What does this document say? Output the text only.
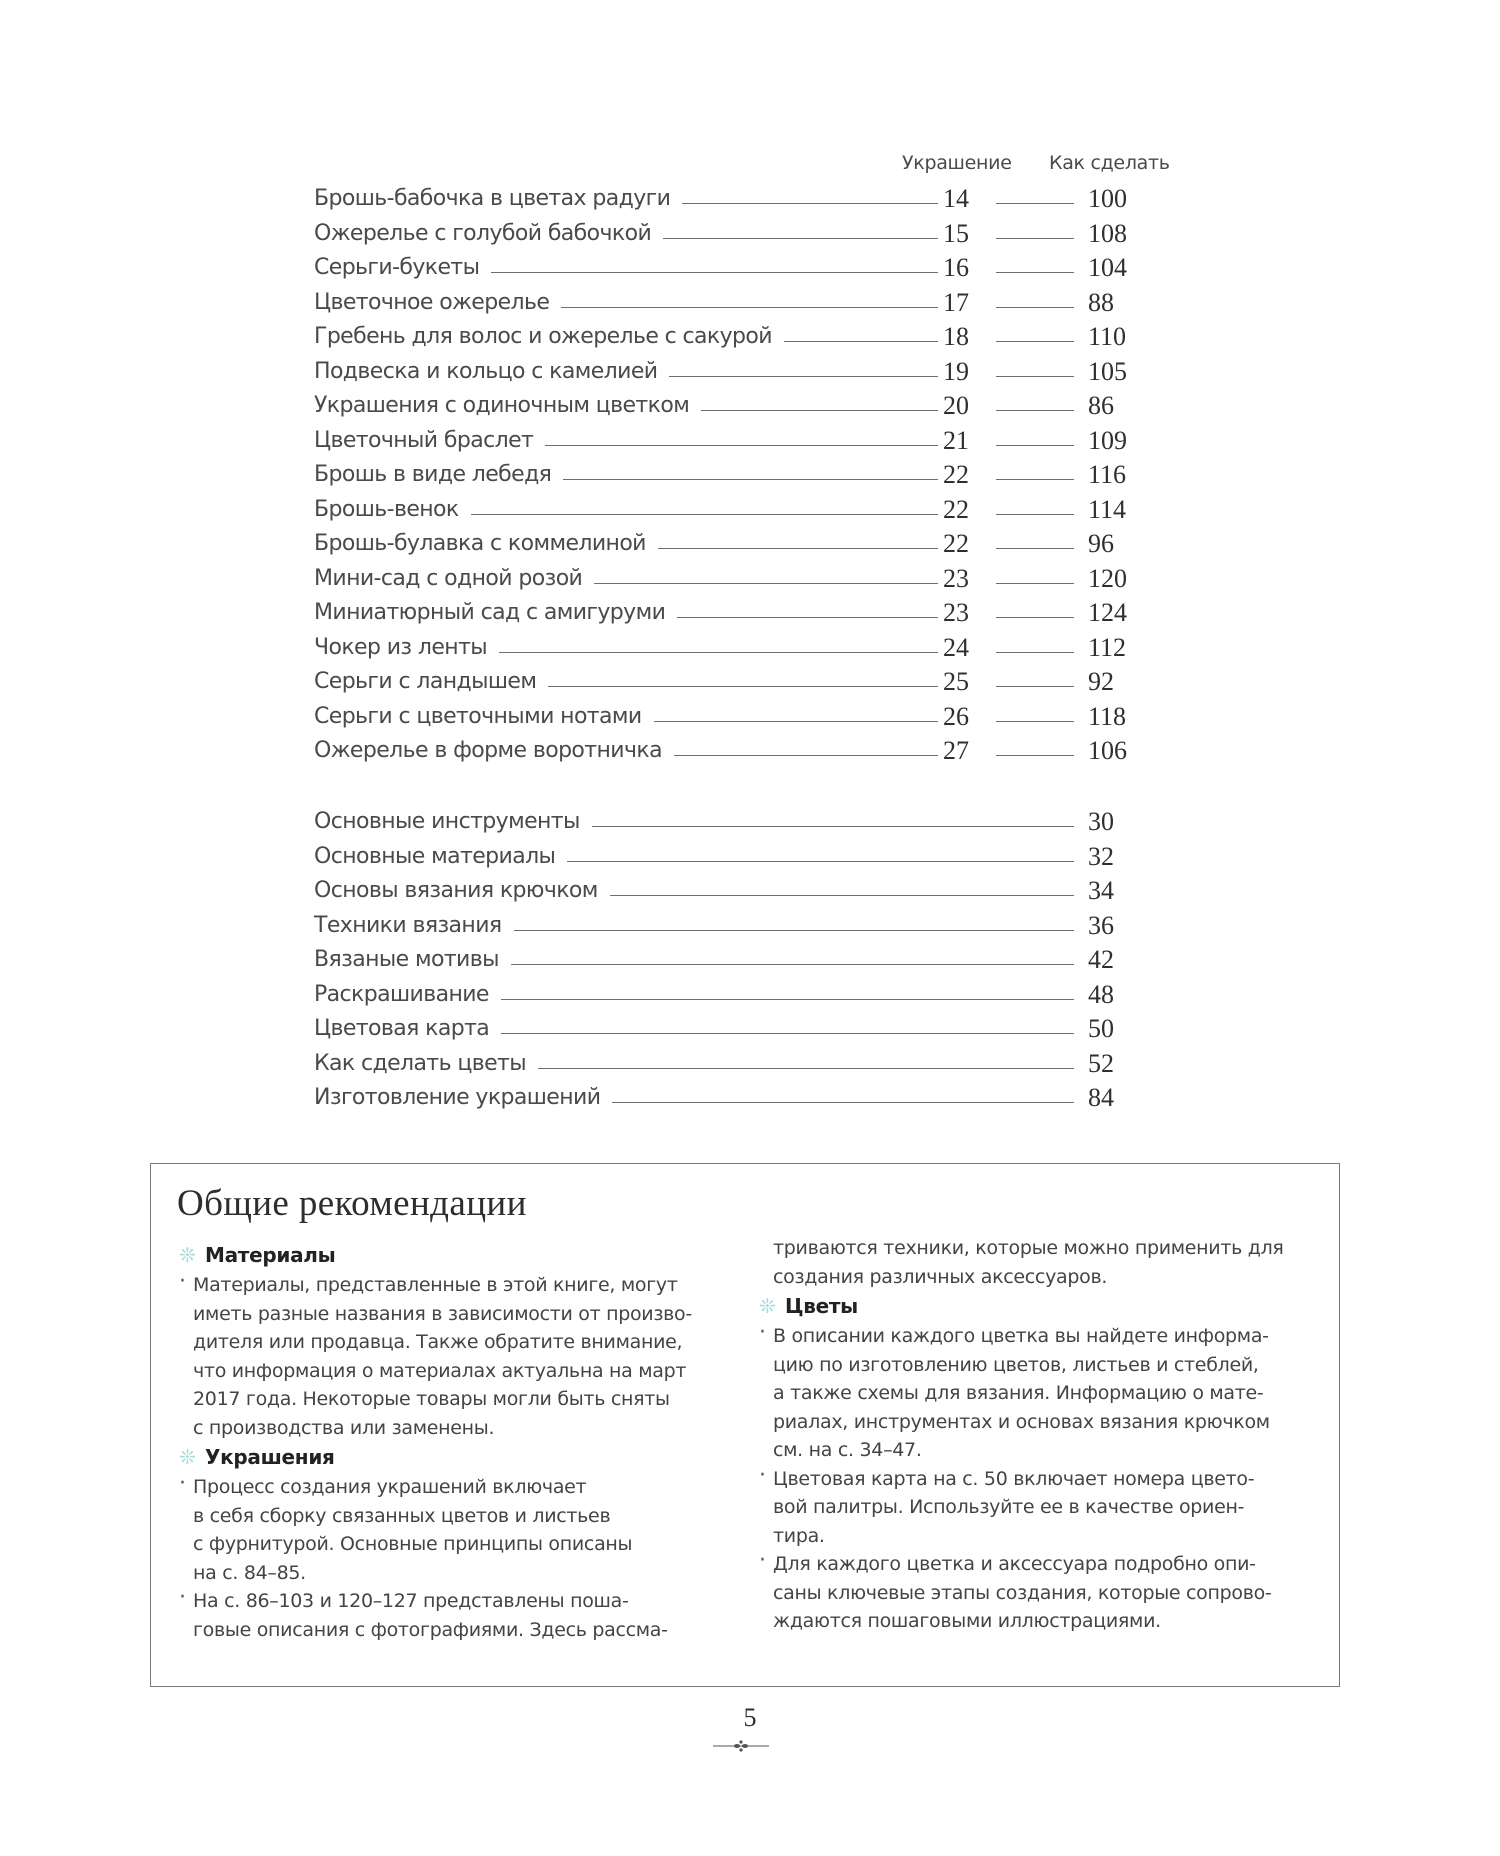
Украшение Как сделать
Брошь-бабочка в цветах радуги	14	100
Ожерелье с голубой бабочкой	15	108
Серьги-букеты	16	104
Цветочное ожерелье	17	88
Гребень для волос и ожерелье с сакурой	18	110
Подвеска и кольцо с камелией	19	105
Украшения с одиночным цветком	20	86
Цветочный браслет	21	109
Брошь в виде лебедя	22	116
Брошь-венок	22	114
Брошь-булавка с коммелиной	22	96
Мини-сад с одной розой	23	120
Миниатюрный сад с амигуруми	23	124
Чокер из ленты	24	112
Серьги с ландышем	25	92
Серьги с цветочными нотами	26	118
Ожерелье в форме воротничка	27	106
Основные инструменты	30
Основные материалы	32
Основы вязания крючком	34
Техники вязания	36
Вязаные мотивы	42
Раскрашивание	48
Цветовая карта	50
Как сделать цветы	52
Изготовление украшений	84
Общие рекомендации
❊ Материалы
· Материалы, представленные в этой книге, могут
иметь разные названия в зависимости от произво-
дителя или продавца. Также обратите внимание,
что информация о материалах актуальна на март
2017 года. Некоторые товары могли быть сняты
с производства или заменены.
❊ Украшения
· Процесс создания украшений включает
в себя сборку связанных цветов и листьев
с фурнитурой. Основные принципы описаны
на с. 84–85.
· На с. 86–103 и 120–127 представлены поша-
говые описания с фотографиями. Здесь рассма-
триваются техники, которые можно применить для
создания различных аксессуаров.
❊ Цветы
· В описании каждого цветка вы найдете информа-
цию по изготовлению цветов, листьев и стеблей,
а также схемы для вязания. Информацию о мате-
риалах, инструментах и основах вязания крючком
см. на с. 34–47.
· Цветовая карта на с. 50 включает номера цвето-
вой палитры. Используйте ее в качестве ориен-
тира.
· Для каждого цветка и аксессуара подробно опи-
саны ключевые этапы создания, которые сопрово-
ждаются пошаговыми иллюстрациями.
5
